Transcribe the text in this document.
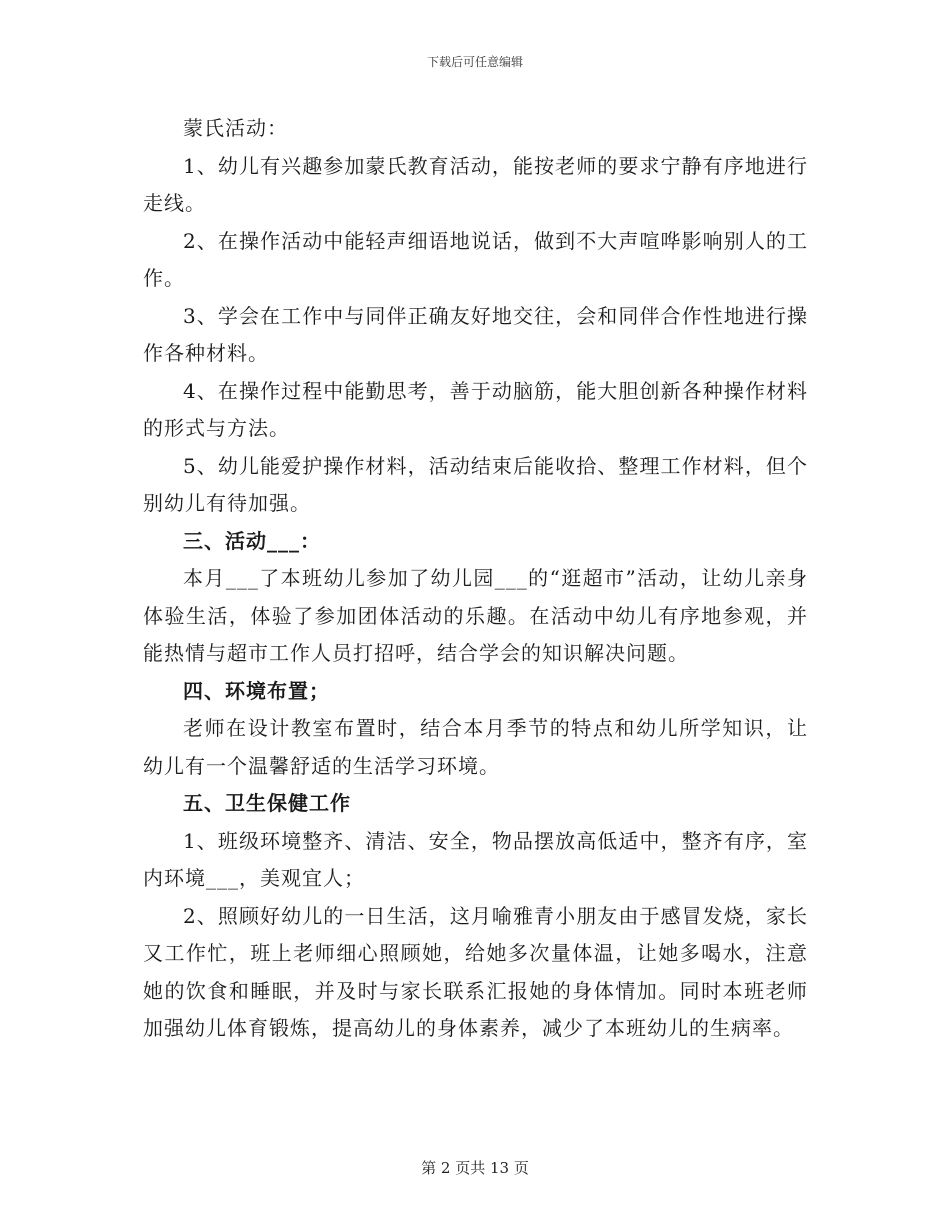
下载后可任意编辑

蒙氏活动：

1、幼儿有兴趣参加蒙氏教育活动，能按老师的要求宁静有序地进行走线。

2、在操作活动中能轻声细语地说话，做到不大声喧哗影响别人的工作。

3、学会在工作中与同伴正确友好地交往，会和同伴合作性地进行操作各种材料。

4、在操作过程中能勤思考，善于动脑筋，能大胆创新各种操作材料的形式与方法。

5、幼儿能爱护操作材料，活动结束后能收拾、整理工作材料，但个别幼儿有待加强。

三、活动___：

本月___了本班幼儿参加了幼儿园___的“逛超市”活动，让幼儿亲身体验生活，体验了参加团体活动的乐趣。在活动中幼儿有序地参观，并能热情与超市工作人员打招呼，结合学会的知识解决问题。

四、环境布置；

老师在设计教室布置时，结合本月季节的特点和幼儿所学知识，让幼儿有一个温馨舒适的生活学习环境。

五、卫生保健工作

1、班级环境整齐、清洁、安全，物品摆放高低适中，整齐有序，室内环境___，美观宜人；

2、照顾好幼儿的一日生活，这月喻雅青小朋友由于感冒发烧，家长又工作忙，班上老师细心照顾她，给她多次量体温，让她多喝水，注意她的饮食和睡眠，并及时与家长联系汇报她的身体情加。同时本班老师加强幼儿体育锻炼，提高幼儿的身体素养，减少了本班幼儿的生病率。

第 2 页共 13 页
